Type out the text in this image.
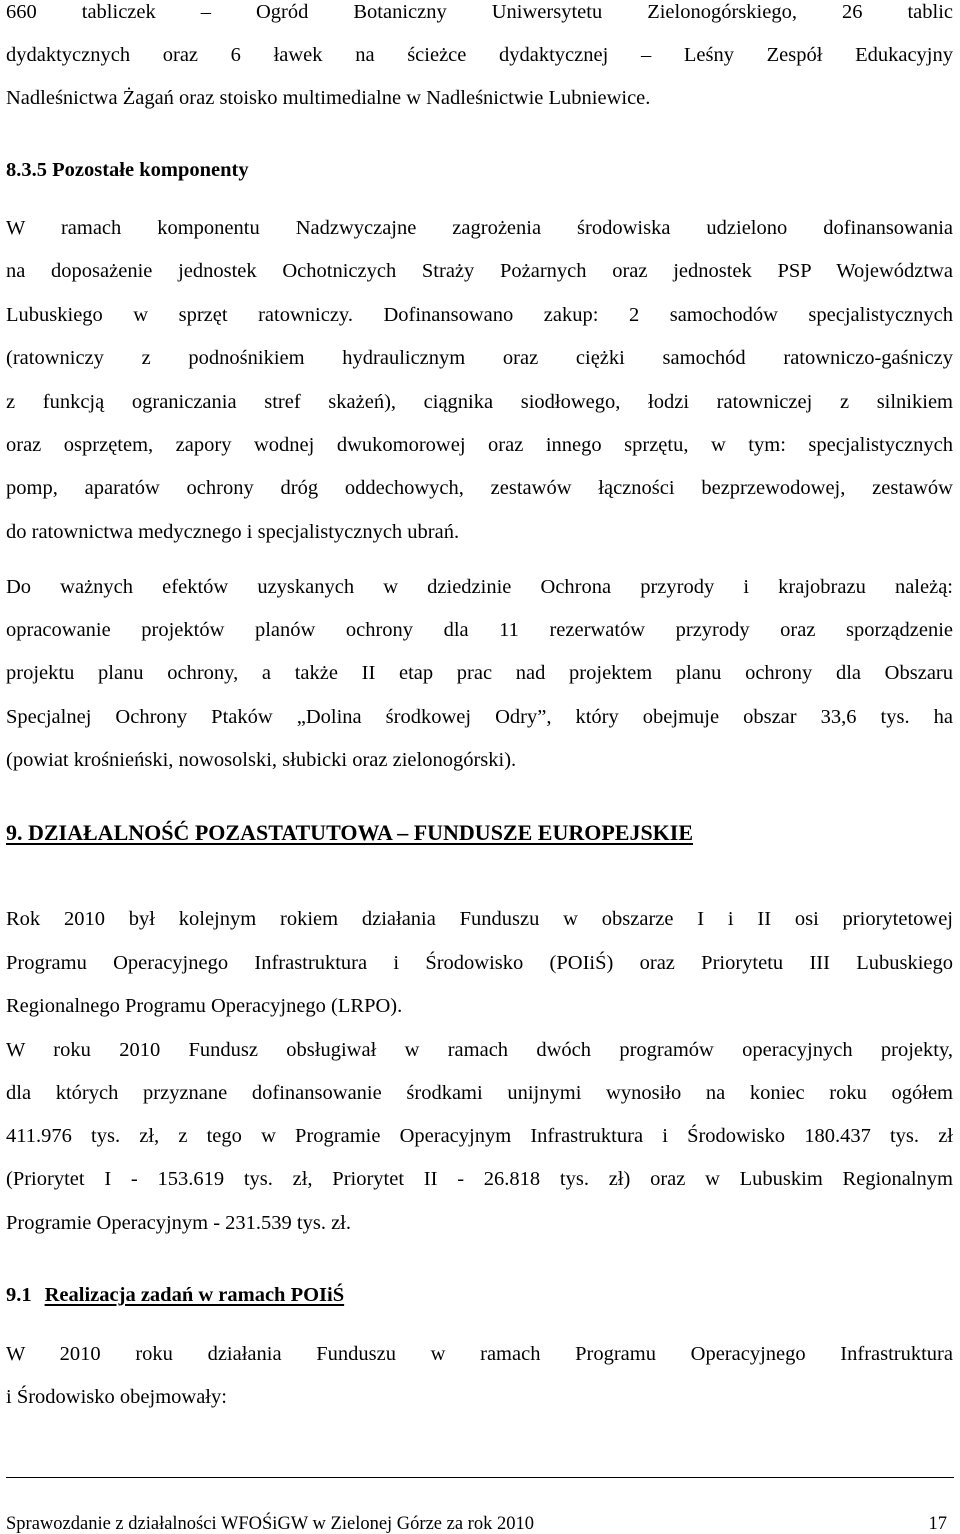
660 tabliczek – Ogród Botaniczny Uniwersytetu Zielonogórskiego, 26 tablic
dydaktycznych oraz 6 ławek na ścieżce dydaktycznej – Leśny Zespół Edukacyjny
Nadleśnictwa Żagań oraz stoisko multimedialne w Nadleśnictwie Lubniewice.
8.3.5 Pozostałe komponenty
W ramach komponentu Nadzwyczajne zagrożenia środowiska udzielono dofinansowania
na doposażenie jednostek Ochotniczych Straży Pożarnych oraz jednostek PSP Województwa
Lubuskiego w sprzęt ratowniczy. Dofinansowano zakup: 2 samochodów specjalistycznych
(ratowniczy z podnośnikiem hydraulicznym oraz ciężki samochód ratowniczo-gaśniczy
z funkcją ograniczania stref skażeń), ciągnika siodłowego, łodzi ratowniczej z silnikiem
oraz osprzętem, zapory wodnej dwukomorowej oraz innego sprzętu, w tym: specjalistycznych
pomp, aparatów ochrony dróg oddechowych, zestawów łączności bezprzewodowej, zestawów
do ratownictwa medycznego i specjalistycznych ubrań.
Do ważnych efektów uzyskanych w dziedzinie Ochrona przyrody i krajobrazu należą:
opracowanie projektów planów ochrony dla 11 rezerwatów przyrody oraz sporządzenie
projektu planu ochrony, a także II etap prac nad projektem planu ochrony dla Obszaru
Specjalnej Ochrony Ptaków „Dolina środkowej Odry”, który obejmuje obszar 33,6 tys. ha
(powiat krośnieński, nowosolski, słubicki oraz zielonogórski).
9. DZIAŁALNOŚĆ POZASTATUTOWA – FUNDUSZE EUROPEJSKIE
Rok 2010 był kolejnym rokiem działania Funduszu w obszarze I i II osi priorytetowej
Programu Operacyjnego Infrastruktura i Środowisko (POIiŚ) oraz Priorytetu III Lubuskiego
Regionalnego Programu Operacyjnego (LRPO).
W roku 2010 Fundusz obsługiwał w ramach dwóch programów operacyjnych projekty,
dla których przyznane dofinansowanie środkami unijnymi wynosiło na koniec roku ogółem
411.976 tys. zł, z tego w Programie Operacyjnym Infrastruktura i Środowisko 180.437 tys. zł
(Priorytet I - 153.619 tys. zł, Priorytet II - 26.818 tys. zł) oraz w Lubuskim Regionalnym
Programie Operacyjnym - 231.539 tys. zł.
9.1 Realizacja zadań w ramach POIiŚ
W 2010 roku działania Funduszu w ramach Programu Operacyjnego Infrastruktura
i Środowisko obejmowały:
Sprawozdanie z działalności WFOŚiGW w Zielonej Górze za rok 2010	17
